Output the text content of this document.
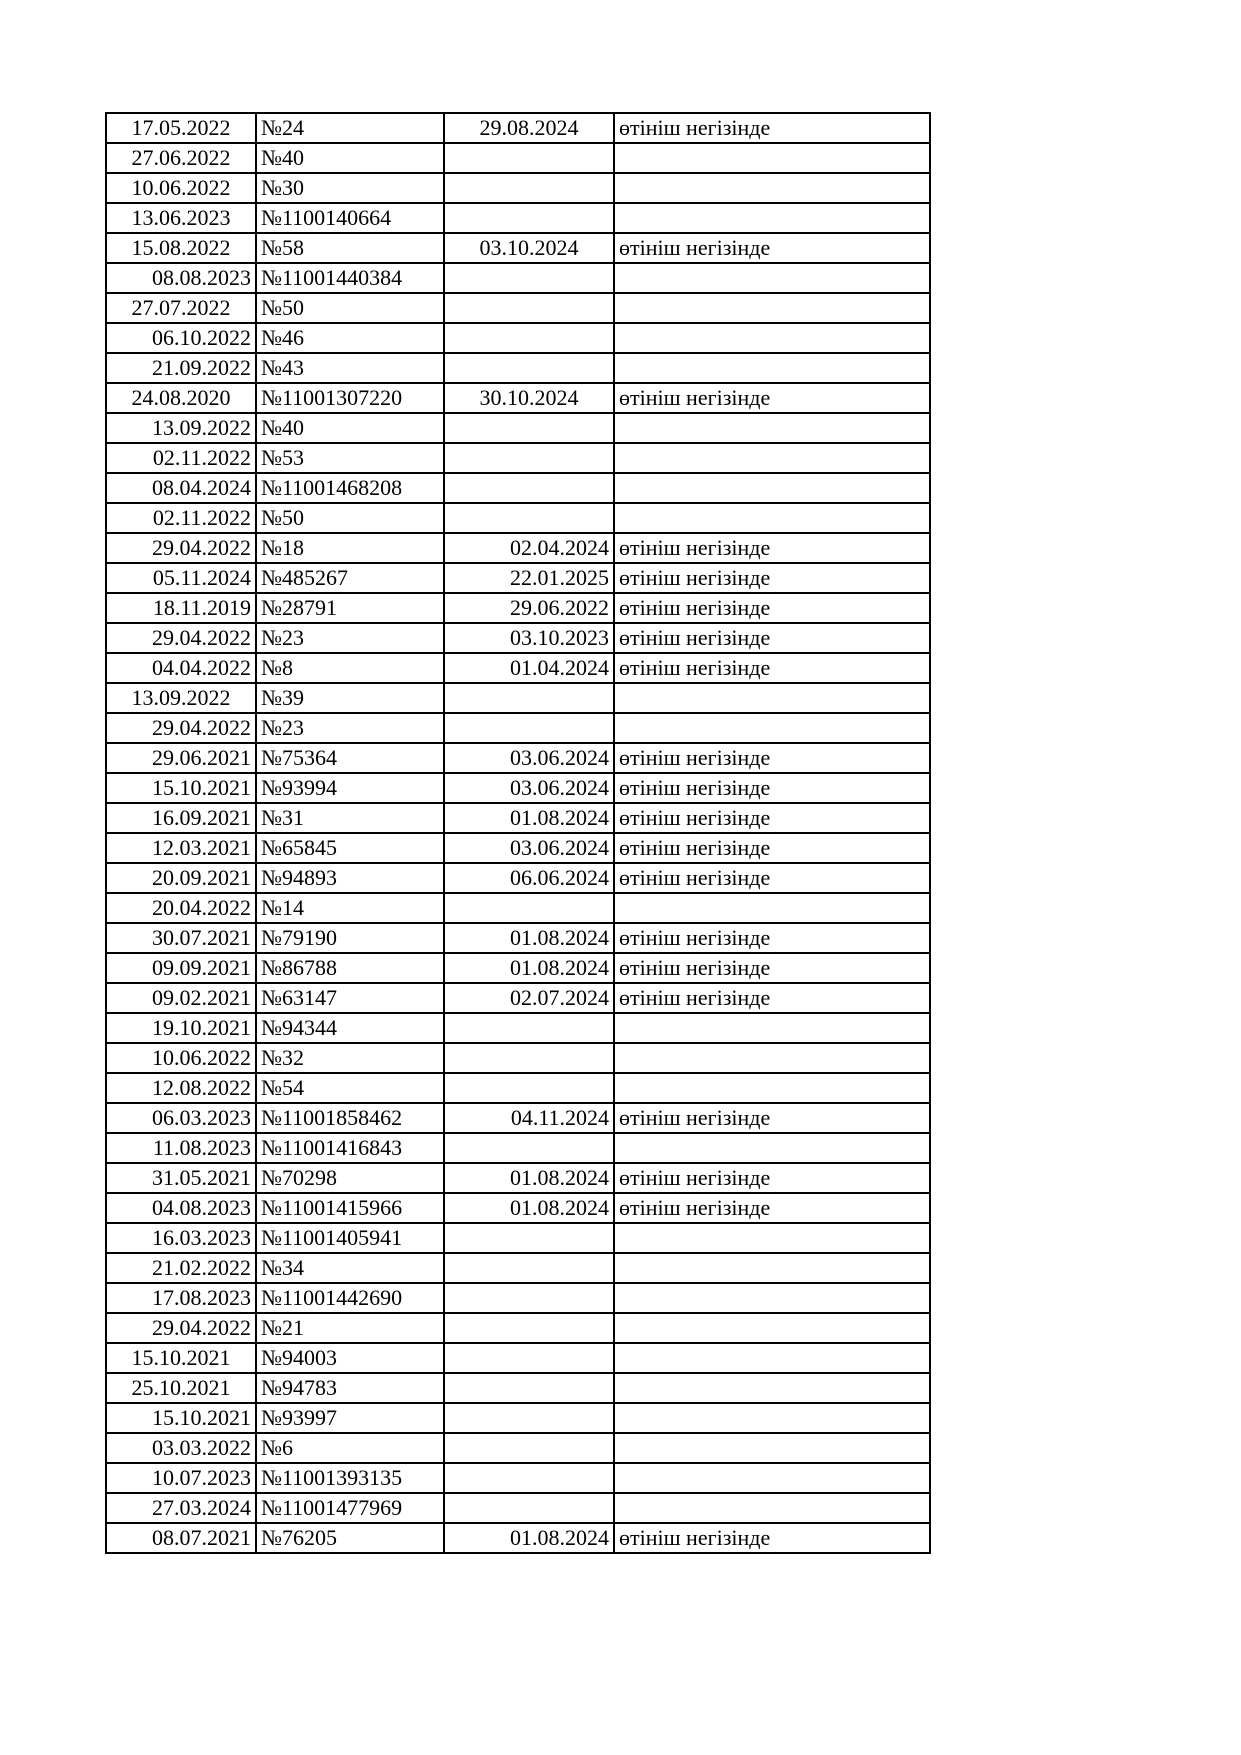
17.05.2022	№24	29.08.2024	өтініш негізінде
27.06.2022	№40		
10.06.2022	№30		
13.06.2023	№1100140664		
15.08.2022	№58	03.10.2024	өтініш негізінде
08.08.2023	№11001440384		
27.07.2022	№50		
06.10.2022	№46		
21.09.2022	№43		
24.08.2020	№11001307220	30.10.2024	өтініш негізінде
13.09.2022	№40		
02.11.2022	№53		
08.04.2024	№11001468208		
02.11.2022	№50		
29.04.2022	№18	02.04.2024	өтініш негізінде
05.11.2024	№485267	22.01.2025	өтініш негізінде
18.11.2019	№28791	29.06.2022	өтініш негізінде
29.04.2022	№23	03.10.2023	өтініш негізінде
04.04.2022	№8	01.04.2024	өтініш негізінде
13.09.2022	№39		
29.04.2022	№23		
29.06.2021	№75364	03.06.2024	өтініш негізінде
15.10.2021	№93994	03.06.2024	өтініш негізінде
16.09.2021	№31	01.08.2024	өтініш негізінде
12.03.2021	№65845	03.06.2024	өтініш негізінде
20.09.2021	№94893	06.06.2024	өтініш негізінде
20.04.2022	№14		
30.07.2021	№79190	01.08.2024	өтініш негізінде
09.09.2021	№86788	01.08.2024	өтініш негізінде
09.02.2021	№63147	02.07.2024	өтініш негізінде
19.10.2021	№94344		
10.06.2022	№32		
12.08.2022	№54		
06.03.2023	№11001858462	04.11.2024	өтініш негізінде
11.08.2023	№11001416843		
31.05.2021	№70298	01.08.2024	өтініш негізінде
04.08.2023	№11001415966	01.08.2024	өтініш негізінде
16.03.2023	№11001405941		
21.02.2022	№34		
17.08.2023	№11001442690		
29.04.2022	№21		
15.10.2021	№94003		
25.10.2021	№94783		
15.10.2021	№93997		
03.03.2022	№6		
10.07.2023	№11001393135		
27.03.2024	№11001477969		
08.07.2021	№76205	01.08.2024	өтініш негізінде
